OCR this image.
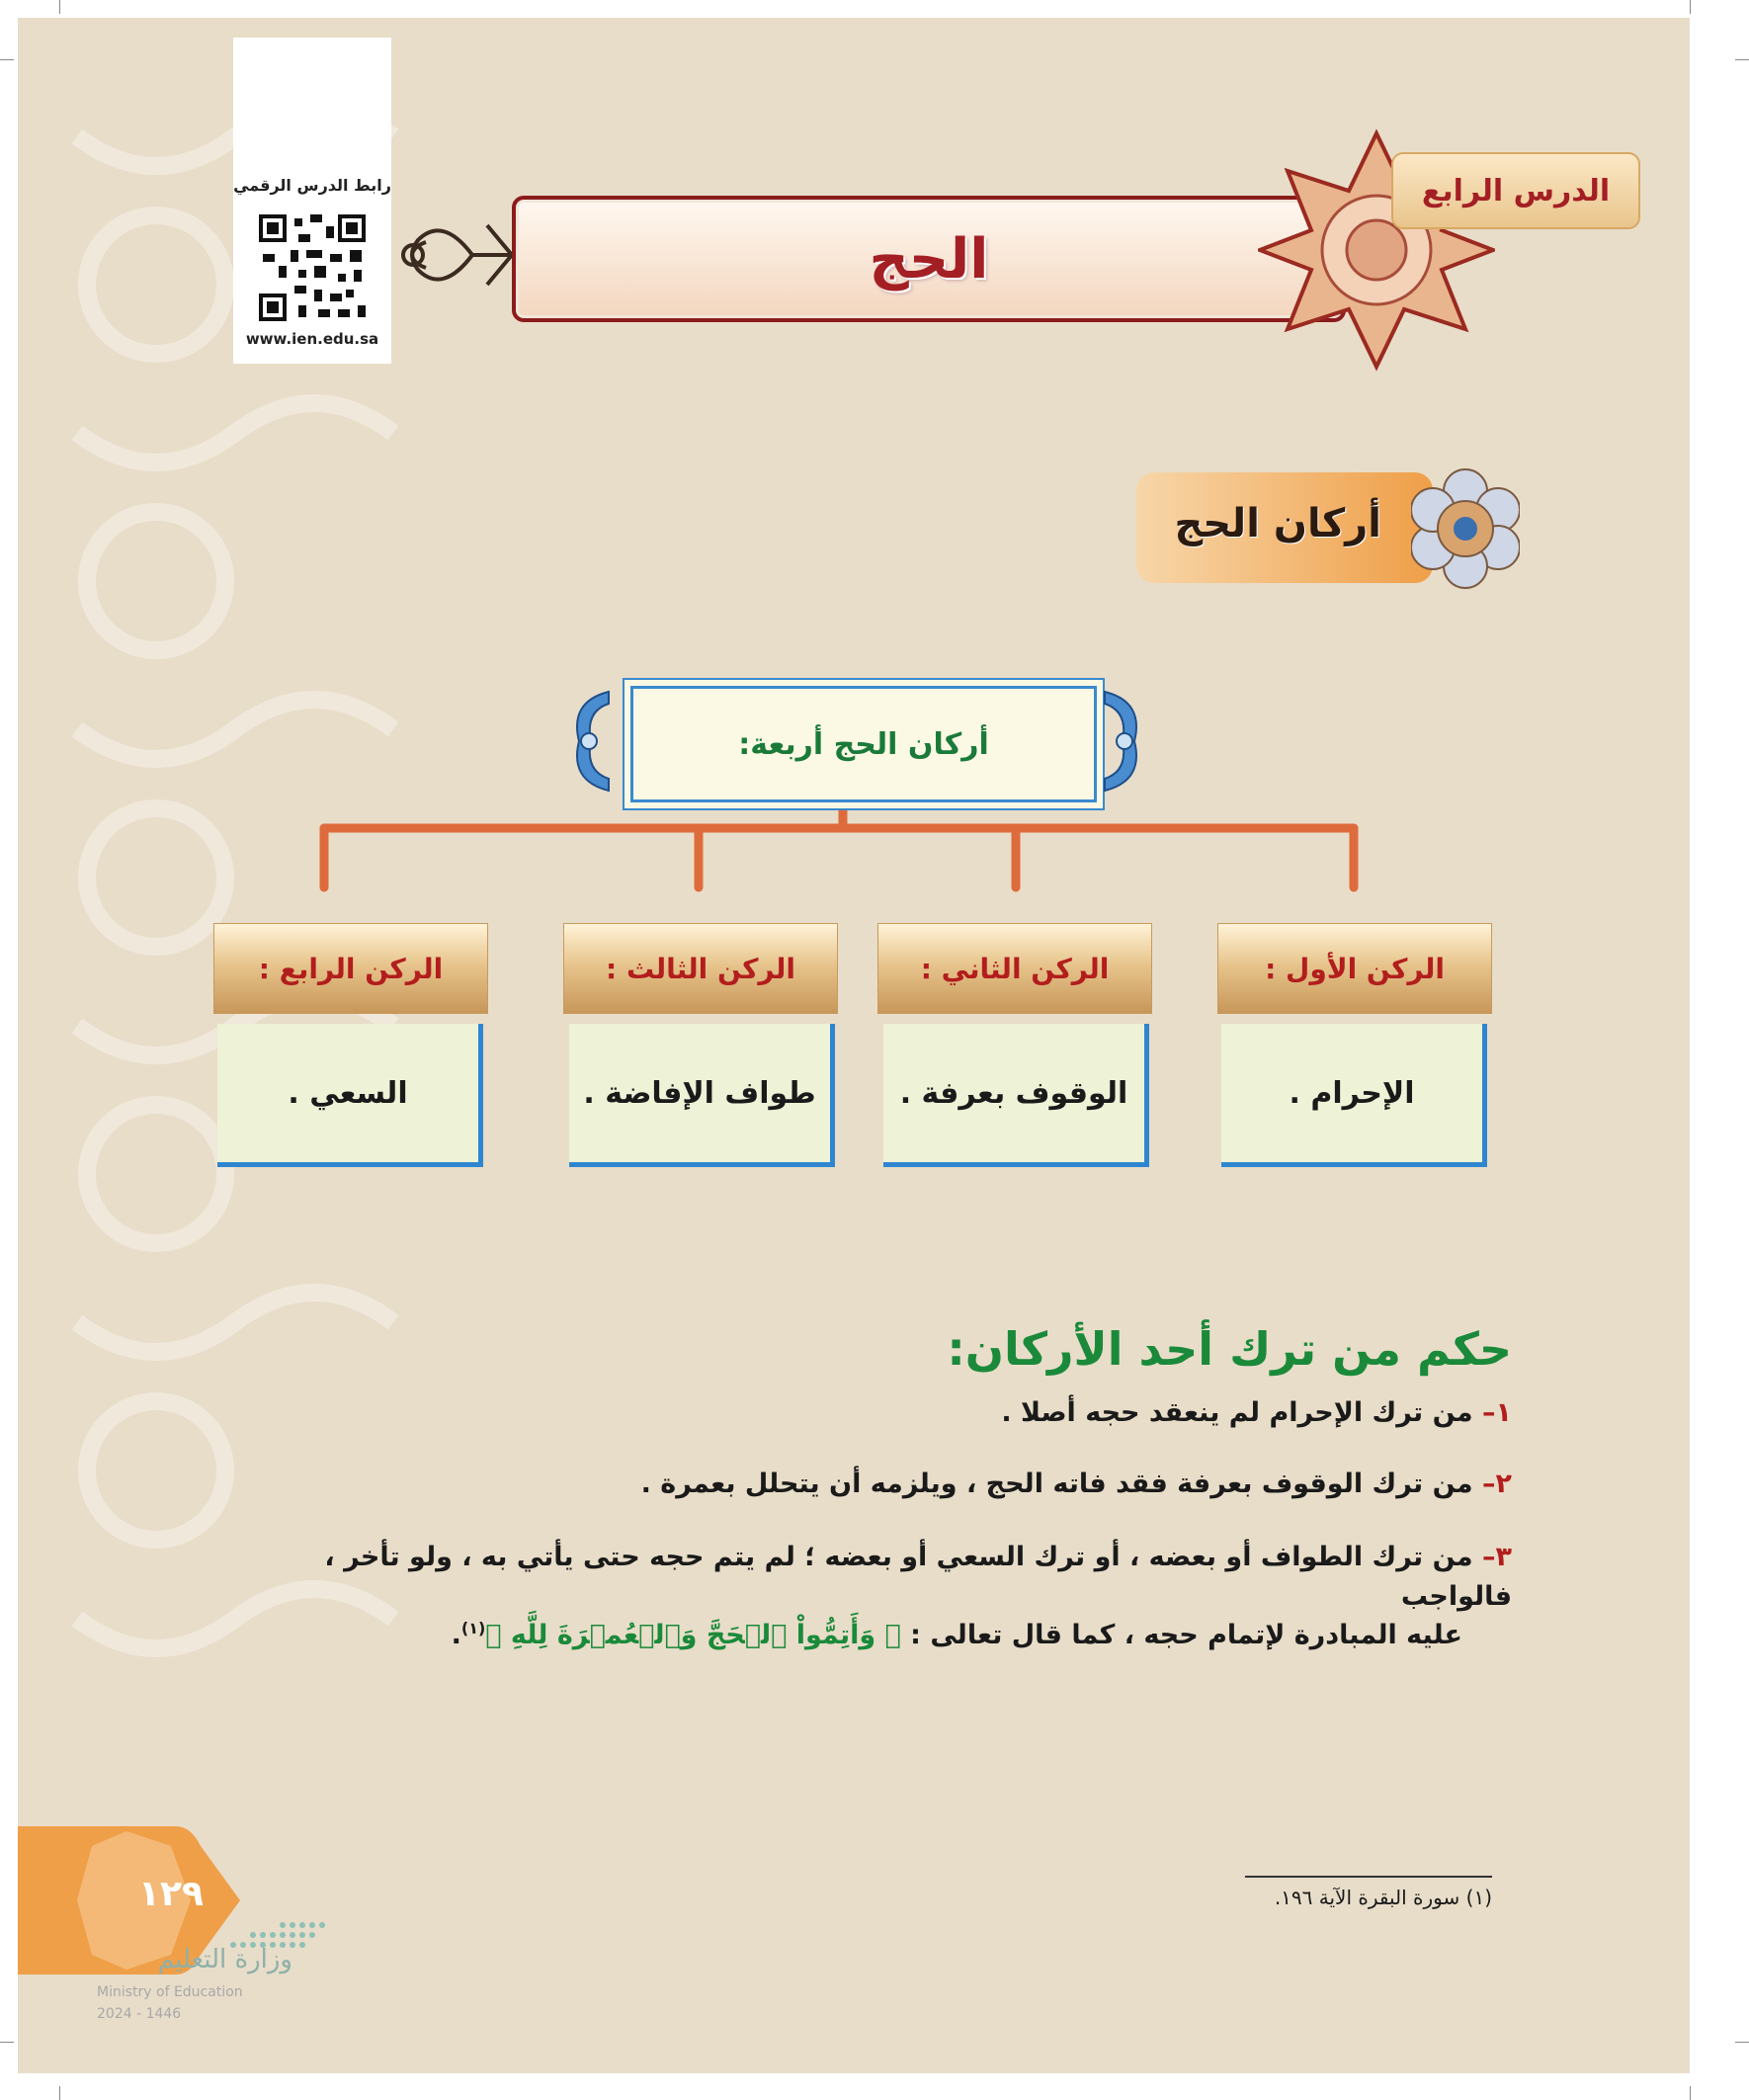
رابط الدرس الرقمي
www.ien.edu.sa
الحج
الدرس الرابع
أركان الحج
أركان الحج أربعة:
الركن الأول :
الإحرام .
الركن الثاني :
الوقوف بعرفة .
الركن الثالث :
طواف الإفاضة .
الركن الرابع :
السعي .
حكم من ترك أحد الأركان:
١– من ترك الإحرام لم ينعقد حجه أصلا .
٢– من ترك الوقوف بعرفة فقد فاته الحج ، ويلزمه أن يتحلل بعمرة .
٣– من ترك الطواف أو بعضه ، أو ترك السعي أو بعضه ؛ لم يتم حجه حتى يأتي به ، ولو تأخر ، فالواجب
عليه المبادرة لإتمام حجه ، كما قال تعالى : ﴿ وَأَتِمُّواْ ٱلۡحَجَّ وَٱلۡعُمۡرَةَ لِلَّهِ ﴾$^{(١)}$.
(١) سورة البقرة الآية ١٩٦.
١٢٩
وزارة التعليم
Ministry of Education
2024 - 1446
